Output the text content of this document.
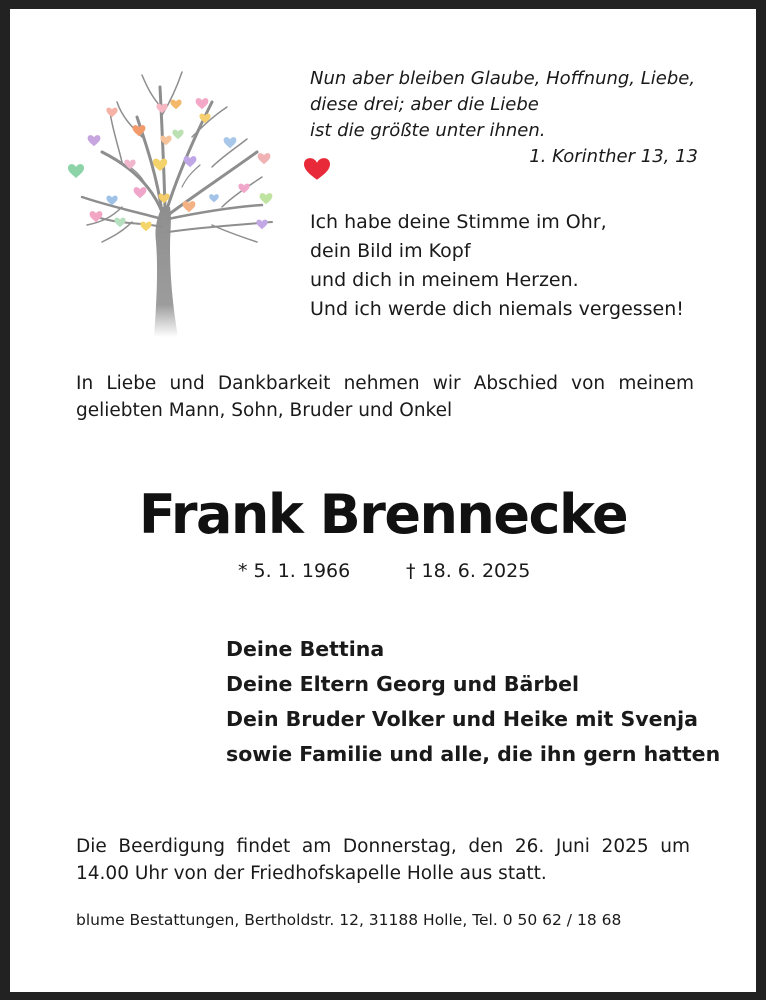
Nun aber bleiben Glaube, Hoffnung, Liebe,
diese drei; aber die Liebe
ist die größte unter ihnen.
1. Korinther 13, 13
Ich habe deine Stimme im Ohr,
dein Bild im Kopf
und dich in meinem Herzen.
Und ich werde dich niemals vergessen!
In Liebe und Dankbarkeit nehmen wir Abschied von meinem
geliebten Mann, Sohn, Bruder und Onkel
Frank Brennecke
* 5. 1. 1966	† 18. 6. 2025
Deine Bettina
Deine Eltern Georg und Bärbel
Dein Bruder Volker und Heike mit Svenja
sowie Familie und alle, die ihn gern hatten
Die Beerdigung findet am Donnerstag, den 26. Juni 2025 um
14.00 Uhr von der Friedhofskapelle Holle aus statt.
blume Bestattungen, Bertholdstr. 12, 31188 Holle, Tel. 0 50 62 / 18 68
